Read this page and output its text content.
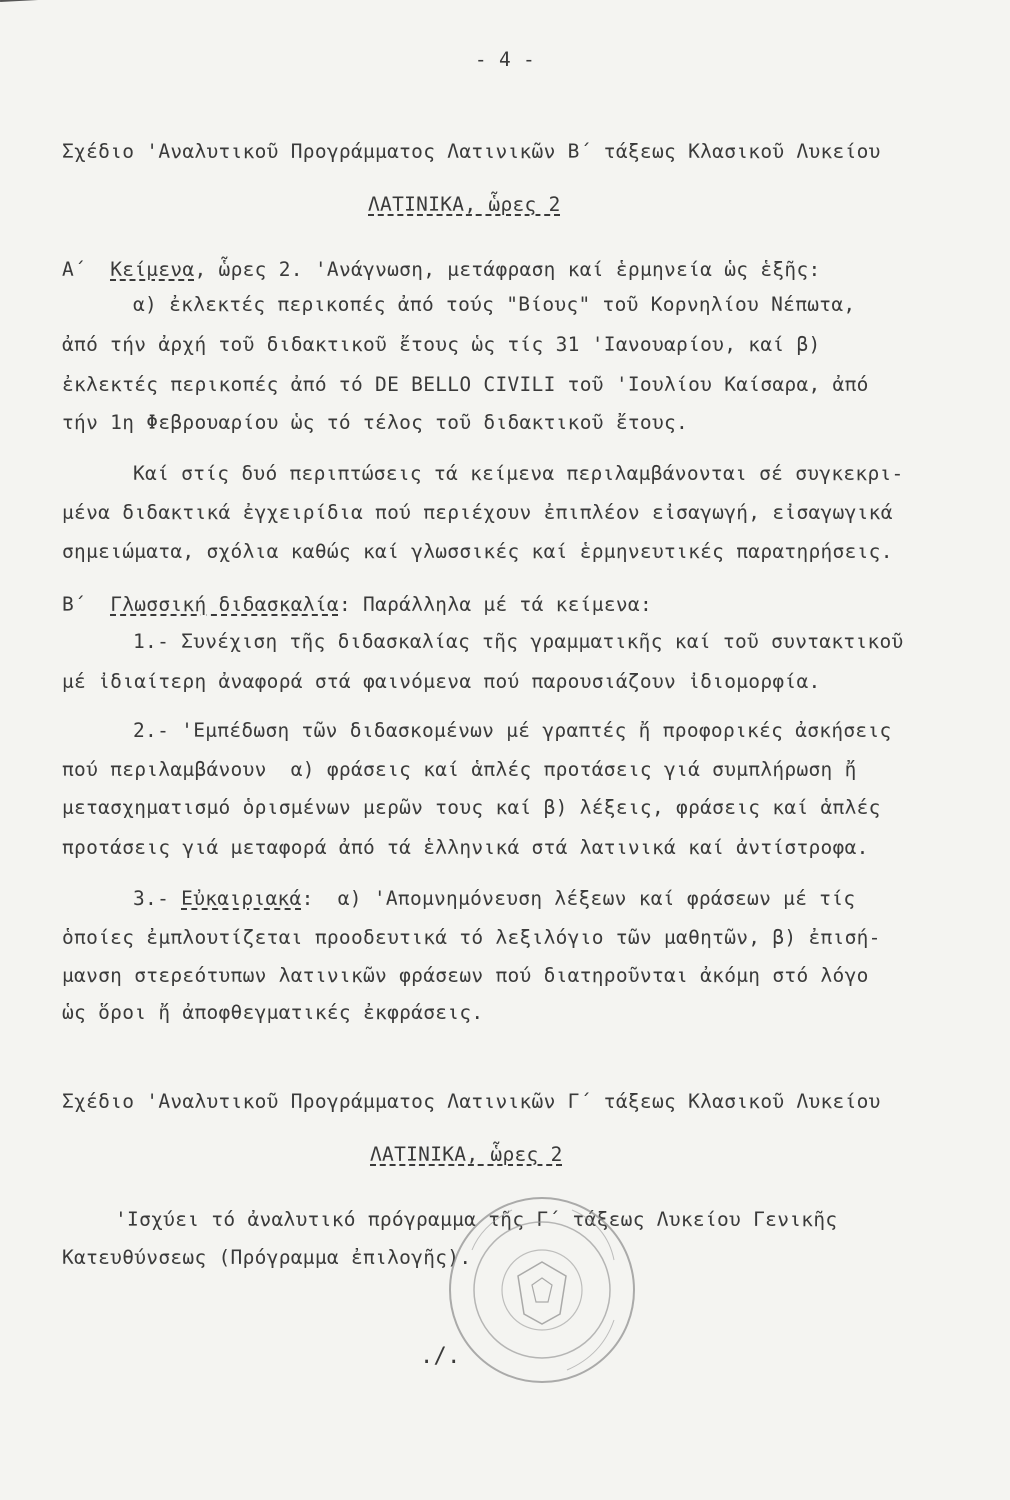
- 4 -
Σχέδιο 'Αναλυτικοῦ Προγράμματος Λατινικῶν Β΄ τάξεως Κλασικοῦ Λυκείου
ΛΑΤΙΝΙΚΑ, ὧρες 2
Α΄ Κείμενα, ὧρες 2. 'Ανάγνωση, μετάφραση καί ἑρμηνεία ὡς ἑξῆς:
α) ἐκλεκτές περικοπές ἀπό τούς "Βίους" τοῦ Κορνηλίου Νέπωτα,
ἀπό τήν ἀρχή τοῦ διδακτικοῦ ἔτους ὡς τίς 31 'Ιανουαρίου, καί β)
ἐκλεκτές περικοπές ἀπό τό DE BELLO CIVILI τοῦ 'Ιουλίου Καίσαρα, ἀπό
τήν 1η Φεβρουαρίου ὡς τό τέλος τοῦ διδακτικοῦ ἔτους.
Καί στίς δυό περιπτώσεις τά κείμενα περιλαμβάνονται σέ συγκεκρι-
μένα διδακτικά ἐγχειρίδια πού περιέχουν ἐπιπλέον εἰσαγωγή, εἰσαγωγικά
σημειώματα, σχόλια καθώς καί γλωσσικές καί ἑρμηνευτικές παρατηρήσεις.
Β΄ Γλωσσική διδασκαλία: Παράλληλα μέ τά κείμενα:
1.- Συνέχιση τῆς διδασκαλίας τῆς γραμματικῆς καί τοῦ συντακτικοῦ
μέ ἰδιαίτερη ἀναφορά στά φαινόμενα πού παρουσιάζουν ἰδιομορφία.
2.- 'Εμπέδωση τῶν διδασκομένων μέ γραπτές ἤ προφορικές ἀσκήσεις
πού περιλαμβάνουν  α) φράσεις καί ἁπλές προτάσεις γιά συμπλήρωση ἤ
μετασχηματισμό ὁρισμένων μερῶν τους καί β) λέξεις, φράσεις καί ἁπλές
προτάσεις γιά μεταφορά ἀπό τά ἑλληνικά στά λατινικά καί ἀντίστροφα.
3.- Εὐκαιριακά:  α) 'Απομνημόνευση λέξεων καί φράσεων μέ τίς
ὁποίες ἐμπλουτίζεται προοδευτικά τό λεξιλόγιο τῶν μαθητῶν, β) ἐπισή-
μανση στερεότυπων λατινικῶν φράσεων πού διατηροῦνται ἀκόμη στό λόγο
ὡς ὅροι ἤ ἀποφθεγματικές ἐκφράσεις.
Σχέδιο 'Αναλυτικοῦ Προγράμματος Λατινικῶν Γ΄ τάξεως Κλασικοῦ Λυκείου
ΛΑΤΙΝΙΚΑ, ὧρες 2
'Ισχύει τό ἀναλυτικό πρόγραμμα τῆς Γ΄ τάξεως Λυκείου Γενικῆς
Κατευθύνσεως (Πρόγραμμα ἐπιλογῆς).
./.
